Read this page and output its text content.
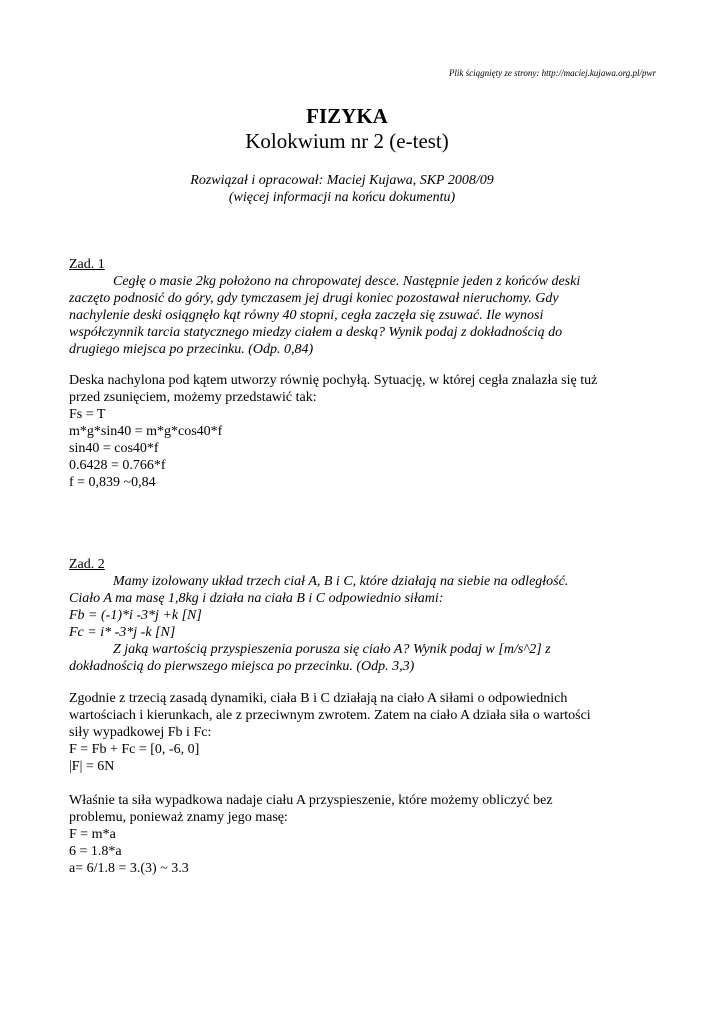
Plik ściągnięty ze strony: http://maciej.kujawa.org.pl/pwr
FIZYKA
Kolokwium nr 2 (e-test)
Rozwiązał i opracował: Maciej Kujawa, SKP 2008/09
(więcej informacji na końcu dokumentu)
Zad. 1
Cegłę o masie 2kg położono na chropowatej desce. Następnie jeden z końców deski
zaczęto podnosić do góry, gdy tymczasem jej drugi koniec pozostawał nieruchomy. Gdy
nachylenie deski osiągnęło kąt równy 40 stopni, cegła zaczęła się zsuwać. Ile wynosi
współczynnik tarcia statycznego miedzy ciałem a deską? Wynik podaj z dokładnością do
drugiego miejsca po przecinku. (Odp. 0,84)
Deska nachylona pod kątem utworzy równię pochyłą. Sytuację, w której cegła znalazła się tuż
przed zsunięciem, możemy przedstawić tak:
Fs = T
m*g*sin40 = m*g*cos40*f
sin40 = cos40*f
0.6428 = 0.766*f
f = 0,839 ~0,84
Zad. 2
Mamy izolowany układ trzech ciał A, B i C, które działają na siebie na odległość.
Ciało A ma masę 1,8kg i działa na ciała B i C odpowiednio siłami:
Fb = (-1)*i -3*j +k [N]
Fc = i* -3*j -k [N]
Z jaką wartością przyspieszenia porusza się ciało A? Wynik podaj w [m/s^2] z
dokładnością do pierwszego miejsca po przecinku. (Odp. 3,3)
Zgodnie z trzecią zasadą dynamiki, ciała B i C działają na ciało A siłami o odpowiednich
wartościach i kierunkach, ale z przeciwnym zwrotem. Zatem na ciało A działa siła o wartości
siły wypadkowej Fb i Fc:
F = Fb + Fc = [0, -6, 0]
|F| = 6N
Właśnie ta siła wypadkowa nadaje ciału A przyspieszenie, które możemy obliczyć bez
problemu, ponieważ znamy jego masę:
F = m*a
6 = 1.8*a
a= 6/1.8 = 3.(3) ~ 3.3
